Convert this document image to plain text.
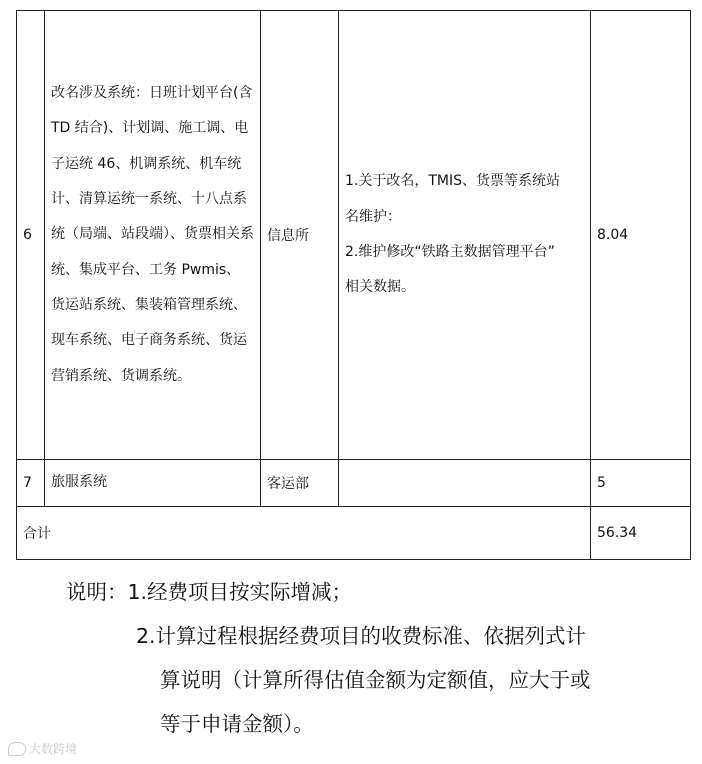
6	改名涉及系统：日班计划平台(含 TD 结合)、计划调、施工调、电子运统 46、机调系统、机车统计、清算运统一系统、十八点系统（局端、站段端）、货票相关系统、集成平台、工务 Pwmis、货运站系统、集装箱管理系统、现车系统、电子商务系统、货运营销系统、货调系统。	信息所	1.关于改名，TMIS、货票等系统站
名维护：
2.维护修改“铁路主数据管理平台”
相关数据。	8.04
7	旅服系统	客运部		5
合计				56.34
说明：1.经费项目按实际增减；
2.计算过程根据经费项目的收费标准、依据列式计
算说明（计算所得估值金额为定额值，应大于或
等于申请金额）。
大数跨境
